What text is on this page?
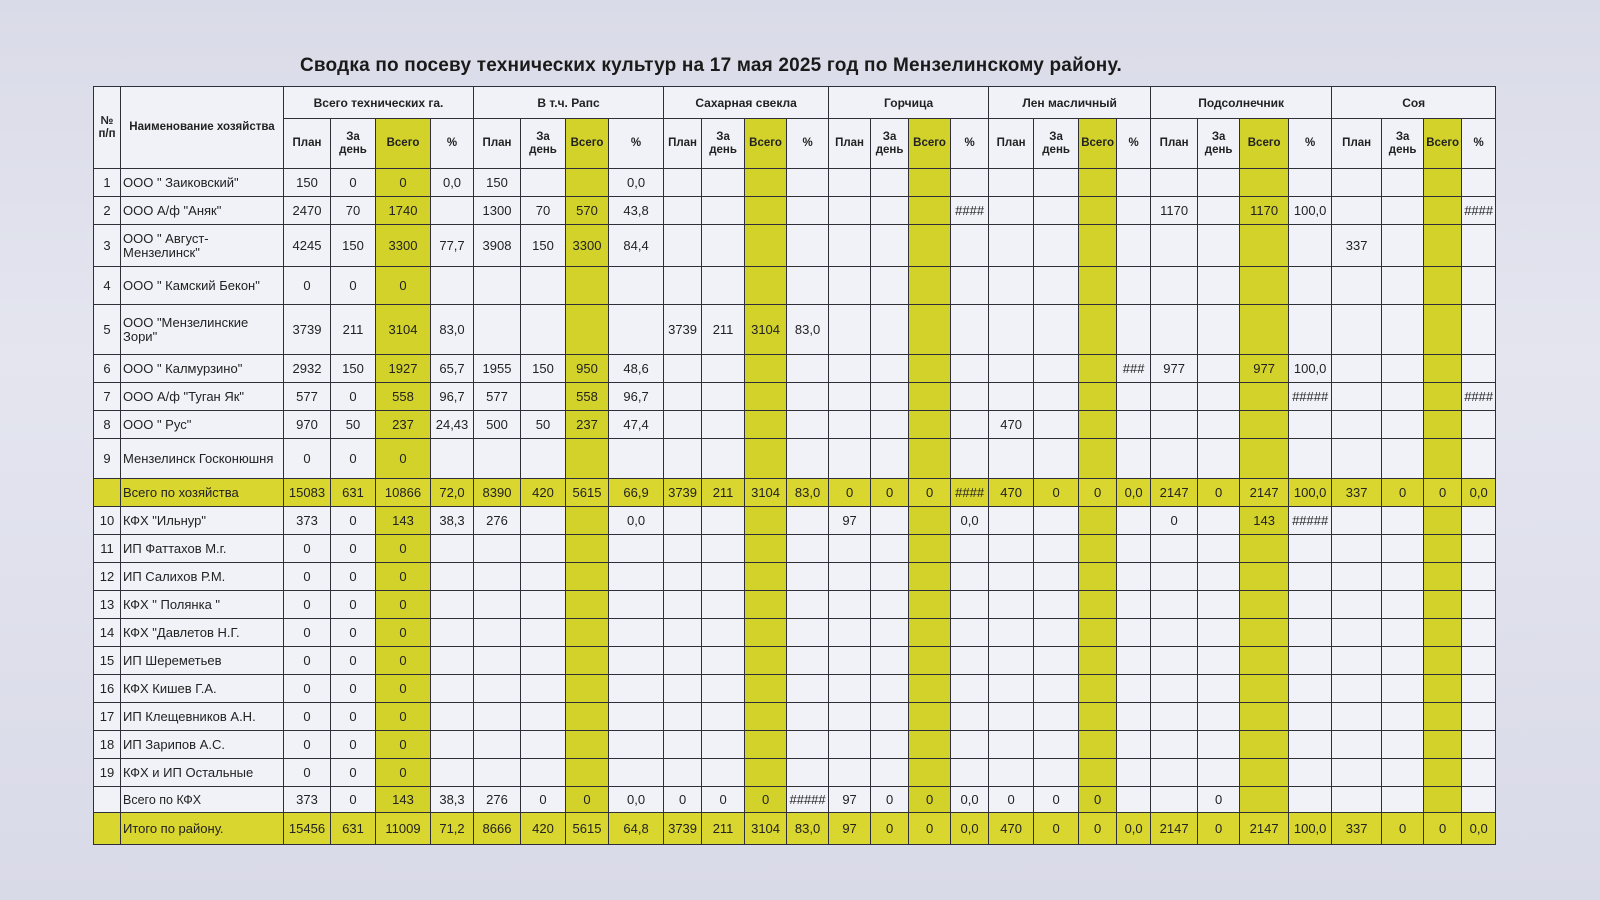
Сводка по посеву технических культур на 17 мая 2025 год по Мензелинскому району.
№ п/п	Наименование хозяйства	Всего технических га.				В т.ч. Рапс				Сахарная свекла				Горчица				Лен масличный				Подсолнечник				Соя			
		План	За день	Всего	%	План	За день	Всего	%	План	За день	Всего	%	План	За день	Всего	%	План	За день	Всего	%	План	За день	Всего	%	План	За день	Всего	%
1	ООО " Заиковский"	150	0	0	0,0	150			0,0																				
2	ООО А/ф "Аняк"	2470	70	1740		1300	70	570	43,8								####					1170		1170	100,0				####
3	ООО " Август-Мензелинск"	4245	150	3300	77,7	3908	150	3300	84,4																	337			
4	ООО " Камский Бекон"	0	0	0																									
5	ООО "Мензелинские Зори"	3739	211	3104	83,0					3739	211	3104	83,0																
6	ООО " Калмурзино"	2932	150	1927	65,7	1955	150	950	48,6												###	977		977	100,0				
7	ООО А/ф "Туган Як"	577	0	558	96,7	577		558	96,7																#####				####
8	ООО " Рус"	970	50	237	24,43	500	50	237	47,4									470											
9	Мензелинск Госконюшня	0	0	0																									
	Всего по хозяйства	15083	631	10866	72,0	8390	420	5615	66,9	3739	211	3104	83,0	0	0	0	####	470	0	0	0,0	2147	0	2147	100,0	337	0	0	0,0
10	КФХ "Ильнур"	373	0	143	38,3	276			0,0					97			0,0					0		143	#####				
11	ИП Фаттахов М.г.	0	0	0																									
12	ИП Салихов Р.М.	0	0	0																									
13	КФХ " Полянка "	0	0	0																									
14	КФХ "Давлетов Н.Г.	0	0	0																									
15	ИП Шереметьев	0	0	0																									
16	КФХ Кишев Г.А.	0	0	0																									
17	ИП Клещевников А.Н.	0	0	0																									
18	ИП Зарипов А.С.	0	0	0																									
19	КФХ и ИП Остальные	0	0	0																									
	Всего по КФХ	373	0	143	38,3	276	0	0	0,0	0	0	0	#####	97	0	0	0,0	0	0	0			0						
	Итого по району.	15456	631	11009	71,2	8666	420	5615	64,8	3739	211	3104	83,0	97	0	0	0,0	470	0	0	0,0	2147	0	2147	100,0	337	0	0	0,0
